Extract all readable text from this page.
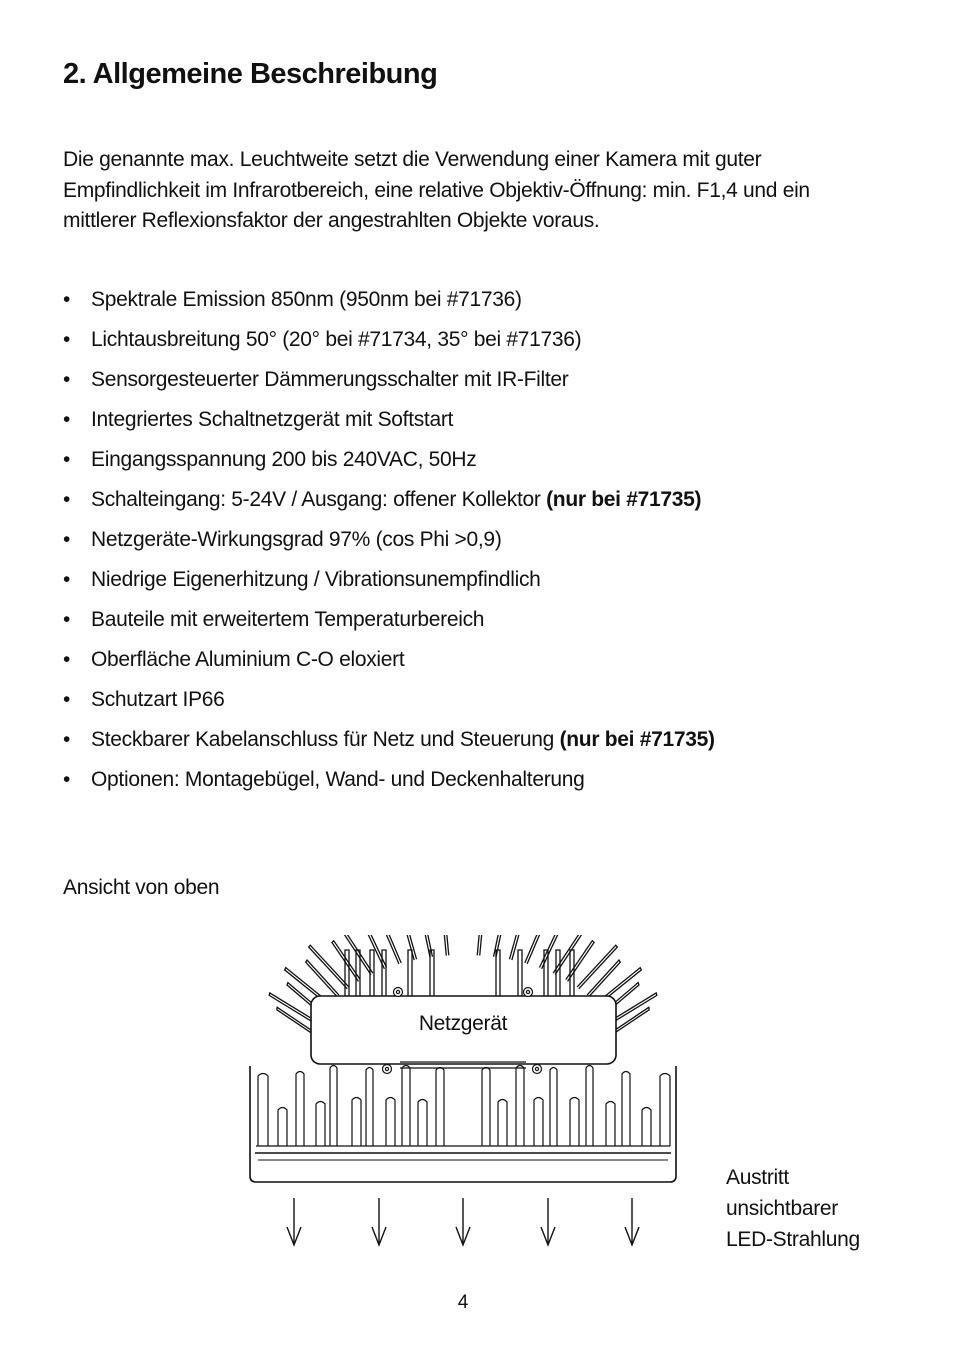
2. Allgemeine Beschreibung

Die genannte max. Leuchtweite setzt die Verwendung einer Kamera mit guter Empfindlichkeit im Infrarotbereich, eine relative Objektiv-Öffnung: min. F1,4 und ein mittlerer Reflexionsfaktor der angestrahlten Objekte voraus.

• Spektrale Emission 850nm (950nm bei #71736)
• Lichtausbreitung 50° (20° bei #71734, 35° bei #71736)
• Sensorgesteuerter Dämmerungsschalter mit IR-Filter
• Integriertes Schaltnetzgerät mit Softstart
• Eingangsspannung 200 bis 240VAC, 50Hz
• Schalteingang: 5-24V / Ausgang: offener Kollektor (nur bei #71735)
• Netzgeräte-Wirkungsgrad 97% (cos Phi >0,9)
• Niedrige Eigenerhitzung / Vibrationsunempfindlich
• Bauteile mit erweitertem Temperaturbereich
• Oberfläche Aluminium C-O eloxiert
• Schutzart IP66
• Steckbarer Kabelanschluss für Netz und Steuerung (nur bei #71735)
• Optionen: Montagebügel, Wand- und Deckenhalterung

Ansicht von oben

Netzgerät

Austritt
unsichtbarer
LED-Strahlung

4
